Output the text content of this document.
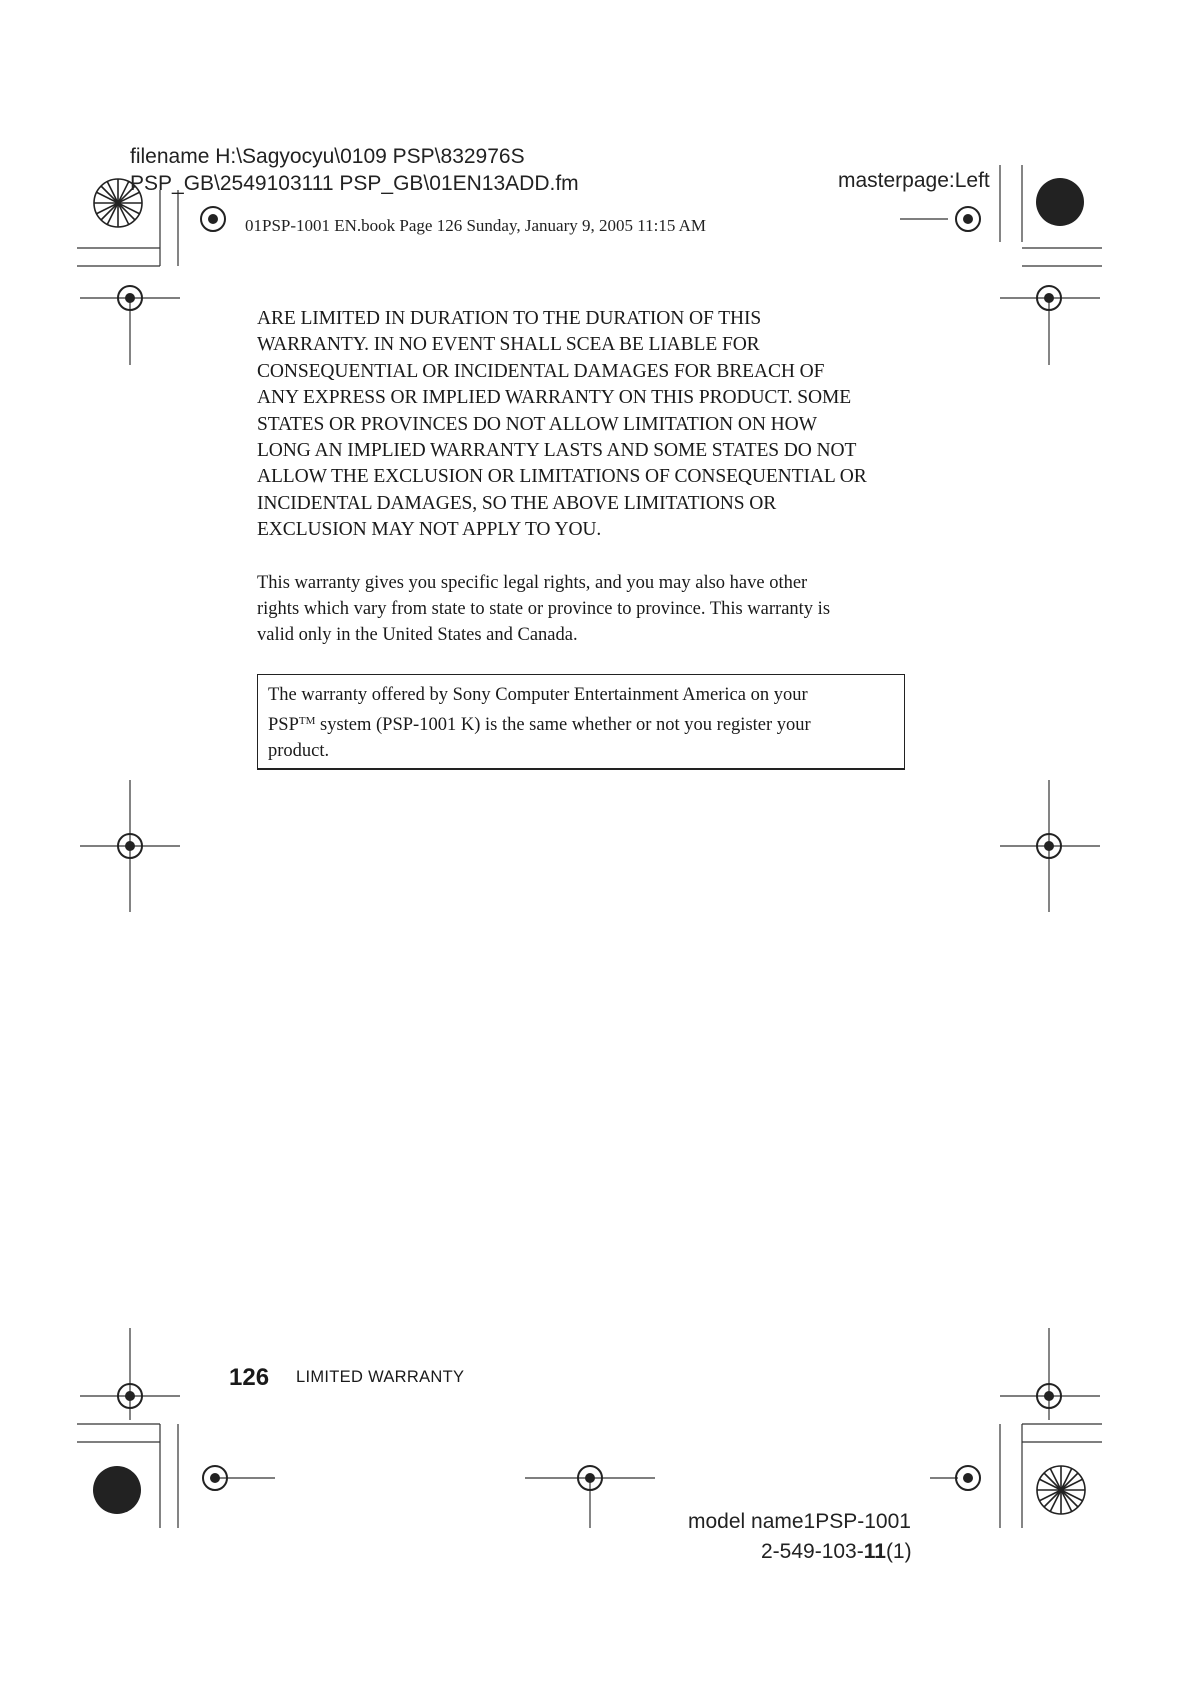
filename H:\Sagyocyu\0109 PSP\832976S
PSP_GB\2549103111 PSP_GB\01EN13ADD.fm	masterpage:Left
01PSP-1001 EN.book Page 126 Sunday, January 9, 2005 11:15 AM
ARE LIMITED IN DURATION TO THE DURATION OF THIS
WARRANTY. IN NO EVENT SHALL SCEA BE LIABLE FOR
CONSEQUENTIAL OR INCIDENTAL DAMAGES FOR BREACH OF
ANY EXPRESS OR IMPLIED WARRANTY ON THIS PRODUCT. SOME
STATES OR PROVINCES DO NOT ALLOW LIMITATION ON HOW
LONG AN IMPLIED WARRANTY LASTS AND SOME STATES DO NOT
ALLOW THE EXCLUSION OR LIMITATIONS OF CONSEQUENTIAL OR
INCIDENTAL DAMAGES, SO THE ABOVE LIMITATIONS OR
EXCLUSION MAY NOT APPLY TO YOU.
This warranty gives you specific legal rights, and you may also have other
rights which vary from state to state or province to province. This warranty is
valid only in the United States and Canada.
The warranty offered by Sony Computer Entertainment America on your
PSP™ system (PSP-1001 K) is the same whether or not you register your
product.
126 LIMITED WARRANTY
model name1PSP-1001
2-549-103-11(1)
